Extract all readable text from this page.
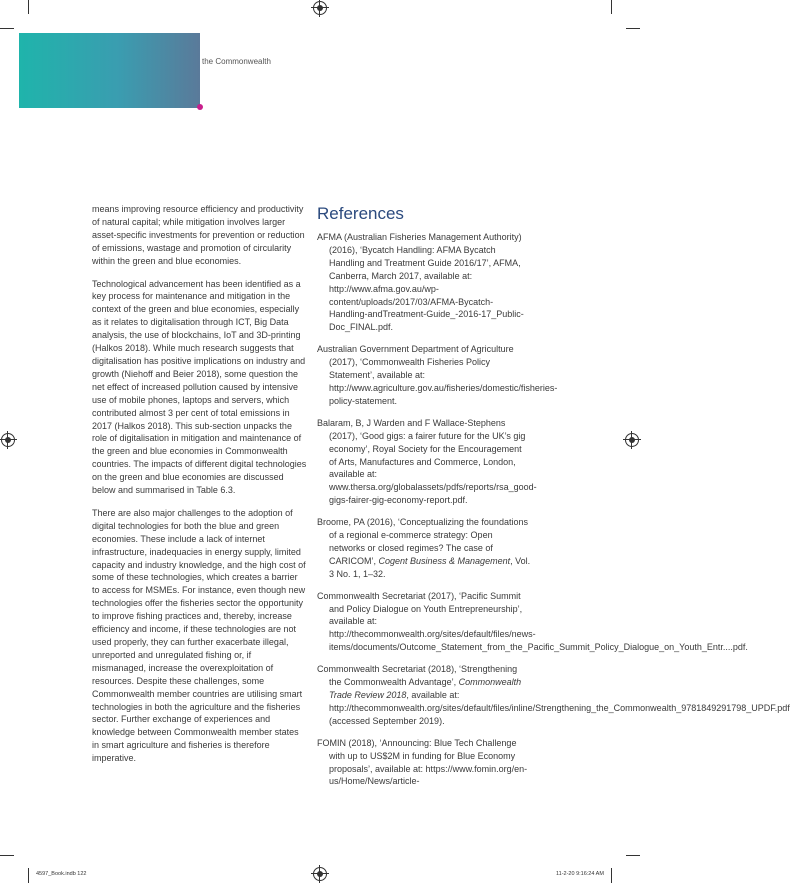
the Commonwealth

means improving resource efficiency and productivity of natural capital; while mitigation involves larger asset-specific investments for prevention or reduction of emissions, wastage and promotion of circularity within the green and blue economies.

Technological advancement has been identified as a key process for maintenance and mitigation in the context of the green and blue economies, especially as it relates to digitalisation through ICT, Big Data analysis, the use of blockchains, IoT and 3D-printing (Halkos 2018). While much research suggests that digitalisation has positive implications on industry and growth (Niehoff and Beier 2018), some question the net effect of increased pollution caused by intensive use of mobile phones, laptops and servers, which contributed almost 3 per cent of total emissions in 2017 (Halkos 2018). This sub-section unpacks the role of digitalisation in mitigation and maintenance of the green and blue economies in Commonwealth countries. The impacts of different digital technologies on the green and blue economies are discussed below and summarised in Table 6.3.

There are also major challenges to the adoption of digital technologies for both the blue and green economies. These include a lack of internet infrastructure, inadequacies in energy supply, limited capacity and industry knowledge, and the high cost of some of these technologies, which creates a barrier to access for MSMEs. For instance, even though new technologies offer the fisheries sector the opportunity to improve fishing practices and, thereby, increase efficiency and income, if these technologies are not used properly, they can further exacerbate illegal, unreported and unregulated fishing or, if mismanaged, increase the overexploitation of resources. Despite these challenges, some Commonwealth member countries are utilising smart technologies in both the agriculture and the fisheries sector. Further exchange of experiences and knowledge between Commonwealth member states in smart agriculture and fisheries is therefore imperative.

References
AFMA (Australian Fisheries Management Authority) (2016), ‘Bycatch Handling: AFMA Bycatch Handling and Treatment Guide 2016/17’, AFMA, Canberra, March 2017, available at: http://www.afma.gov.au/wp-content/uploads/2017/03/AFMA-Bycatch-Handling-andTreatment-Guide_-2016-17_Public-Doc_FINAL.pdf.
Australian Government Department of Agriculture (2017), ‘Commonwealth Fisheries Policy Statement’, available at: http://www.agriculture.gov.au/fisheries/domestic/fisheries-policy-statement.
Balaram, B, J Warden and F Wallace-Stephens (2017), ‘Good gigs: a fairer future for the UK’s gig economy’, Royal Society for the Encouragement of Arts, Manufactures and Commerce, London, available at: www.thersa.org/globalassets/pdfs/reports/rsa_good-gigs-fairer-gig-economy-report.pdf.
Broome, PA (2016), ‘Conceptualizing the foundations of a regional e-commerce strategy: Open networks or closed regimes? The case of CARICOM’, Cogent Business & Management, Vol. 3 No. 1, 1–32.
Commonwealth Secretariat (2017), ‘Pacific Summit and Policy Dialogue on Youth Entrepreneurship’, available at: http://thecommonwealth.org/sites/default/files/news-items/documents/Outcome_Statement_from_the_Pacific_Summit_Policy_Dialogue_on_Youth_Entr....pdf.
Commonwealth Secretariat (2018), ‘Strengthening the Commonwealth Advantage’, Commonwealth Trade Review 2018, available at: http://thecommonwealth.org/sites/default/files/inline/Strengthening_the_Commonwealth_9781849291798_UPDF.pdf (accessed September 2019).
FOMIN (2018), ‘Announcing: Blue Tech Challenge with up to US$2M in funding for Blue Economy proposals’, available at: https://www.fomin.org/en-us/Home/News/article-
4597_Book.indb 122	11-2-20 9:16:24 AM
